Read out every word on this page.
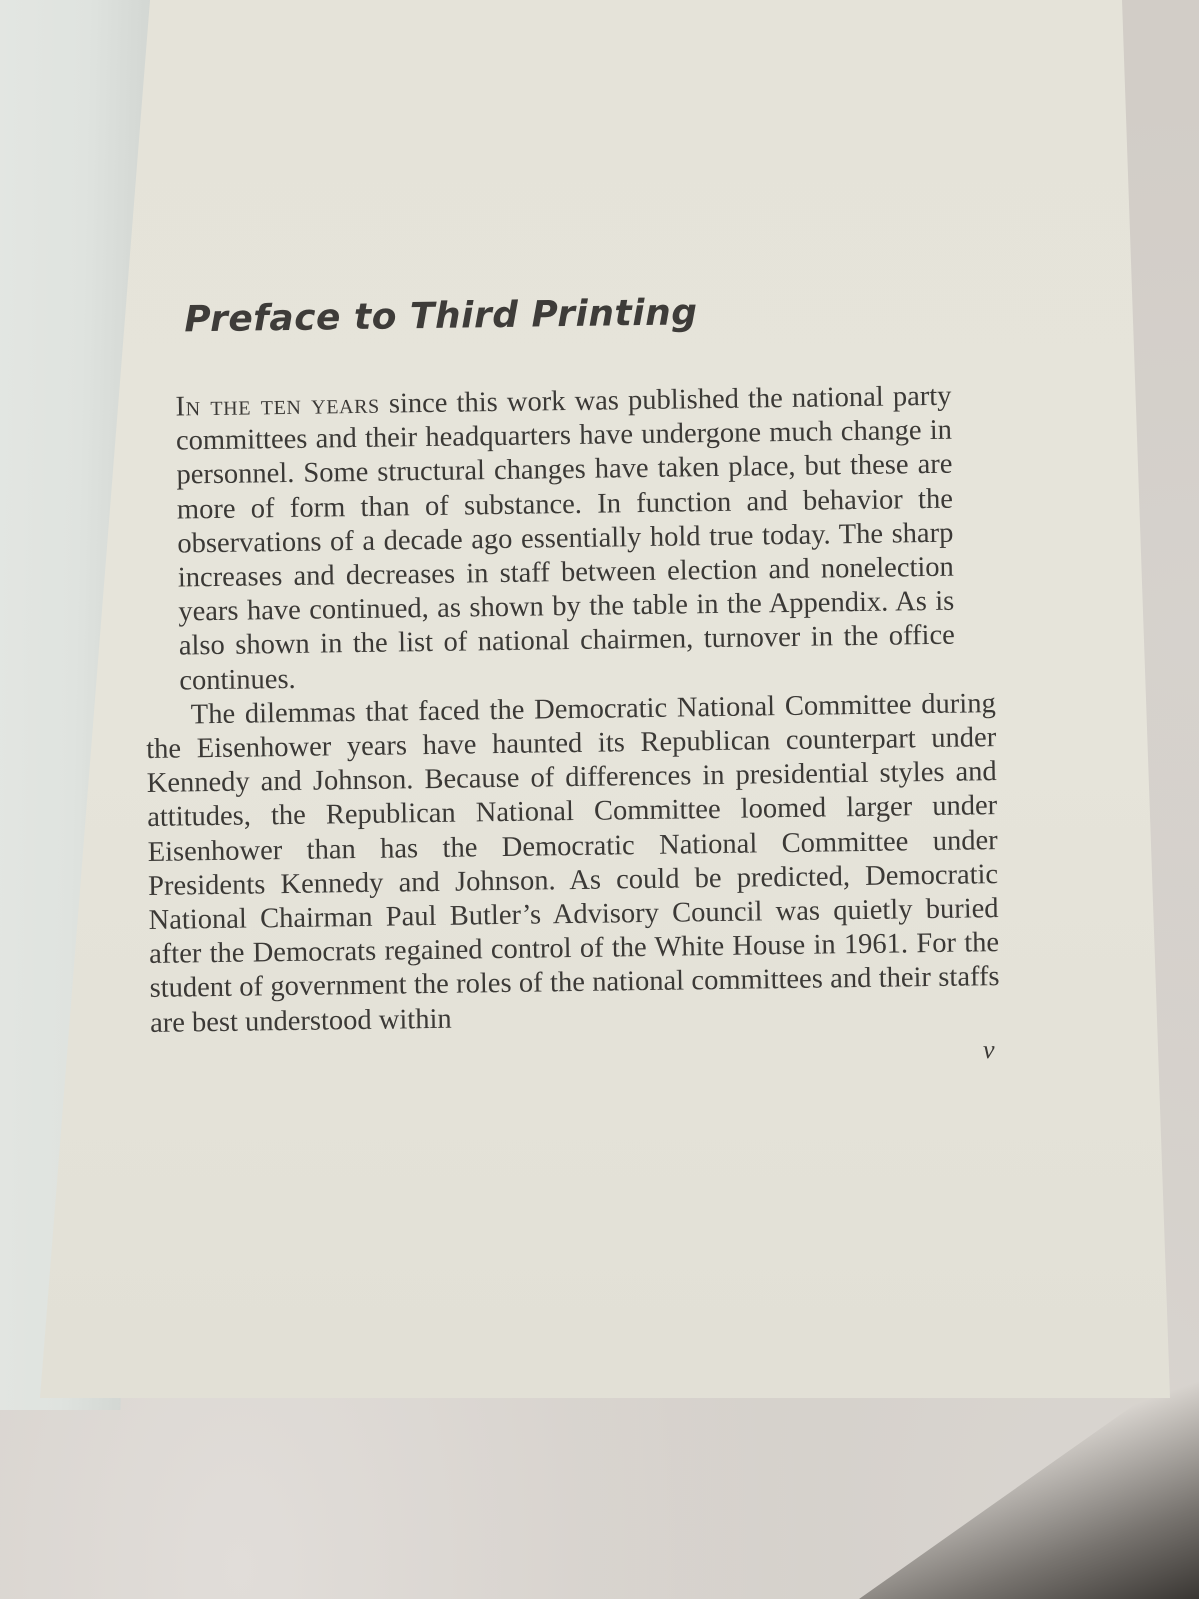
Preface to Third Printing

In the ten years since this work was published the national party committees and their headquarters have undergone much change in personnel. Some structural changes have taken place, but these are more of form than of substance. In function and behavior the observations of a decade ago essentially hold true today. The sharp increases and decreases in staff between election and nonelection years have continued, as shown by the table in the Appendix. As is also shown in the list of national chairmen, turnover in the office continues.

The dilemmas that faced the Democratic National Committee during the Eisenhower years have haunted its Republican counterpart under Kennedy and Johnson. Because of differences in presidential styles and attitudes, the Republican National Committee loomed larger under Eisenhower than has the Democratic National Committee under Presidents Kennedy and Johnson. As could be predicted, Democratic National Chairman Paul Butler’s Advisory Council was quietly buried after the Democrats regained control of the White House in 1961. For the student of government the roles of the national committees and their staffs are best understood within

v
